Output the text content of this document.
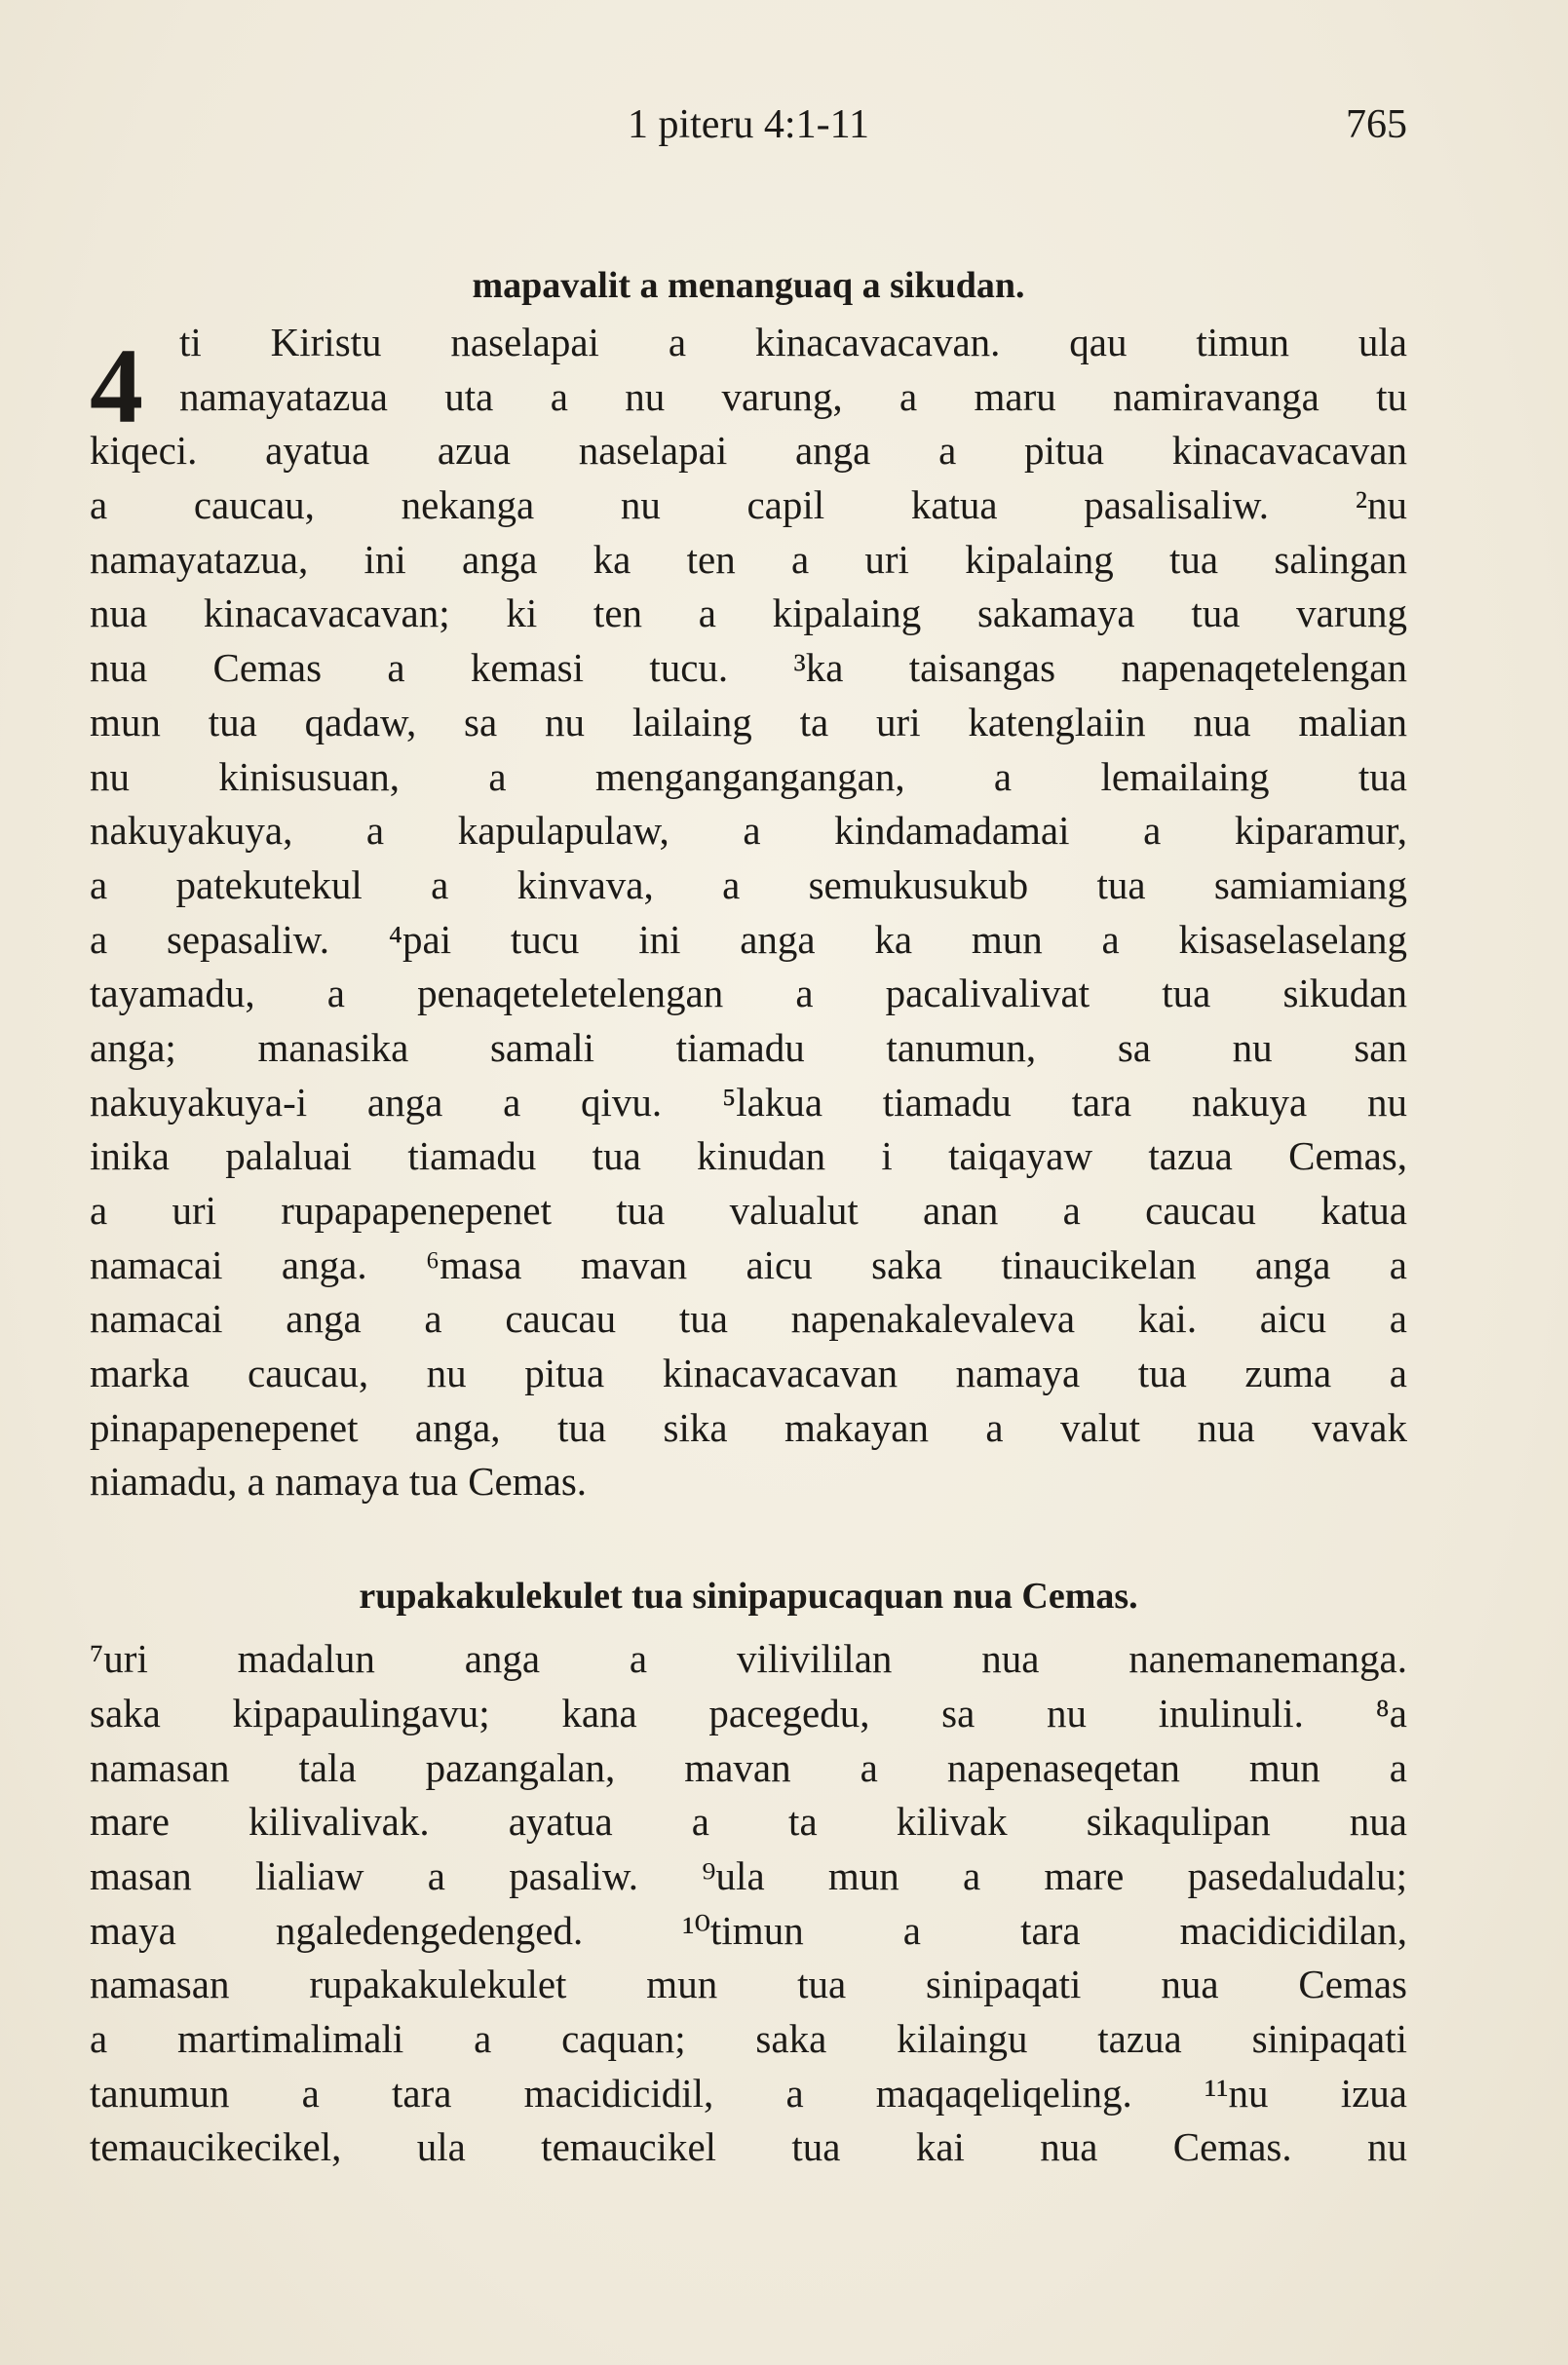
1 piteru 4:1-11	765
mapavalit a menanguaq a sikudan.
4 ti Kiristu naselapai a kinacavacavan. qau timun ula
namayatazua uta a nu varung, a maru namiravanga tu
kiqeci. ayatua azua naselapai anga a pitua kinacavacavan
a caucau, nekanga nu capil katua pasalisaliw. ²nu
namayatazua, ini anga ka ten a uri kipalaing tua salingan
nua kinacavacavan; ki ten a kipalaing sakamaya tua varung
nua Cemas a kemasi tucu. ³ka taisangas napenaqetelengan
mun tua qadaw, sa nu lailaing ta uri katenglaiin nua malian
nu kinisusuan, a mengangangangan, a lemailaing tua
nakuyakuya, a kapulapulaw, a kindamadamai a kiparamur,
a patekutekul a kinvava, a semukusukub tua samiamiang
a sepasaliw. ⁴pai tucu ini anga ka mun a kisaselaselang
tayamadu, a penaqeteletelengan a pacalivalivat tua sikudan
anga; manasika samali tiamadu tanumun, sa nu san
nakuyakuya-i anga a qivu. ⁵lakua tiamadu tara nakuya nu
inika palaluai tiamadu tua kinudan i taiqayaw tazua Cemas,
a uri rupapapenepenet tua valualut anan a caucau katua
namacai anga. ⁶masa mavan aicu saka tinaucikelan anga a
namacai anga a caucau tua napenakalevaleva kai. aicu a
marka caucau, nu pitua kinacavacavan namaya tua zuma a
pinapapenepenet anga, tua sika makayan a valut nua vavak
niamadu, a namaya tua Cemas.
rupakakulekulet tua sinipapucaquan nua Cemas.
⁷uri madalun anga a vilivililan nua nanemanemanga.
saka kipapaulingavu; kana pacegedu, sa nu inulinuli. ⁸a
namasan tala pazangalan, mavan a napenaseqetan mun a
mare kilivalivak. ayatua a ta kilivak sikaqulipan nua
masan lialiaw a pasaliw. ⁹ula mun a mare pasedaludalu;
maya ngaledengedenged. ¹⁰timun a tara macidicidilan,
namasan rupakakulekulet mun tua sinipaqati nua Cemas
a martimalimali a caquan; saka kilaingu tazua sinipaqati
tanumun a tara macidicidil, a maqaqeliqeling. ¹¹nu izua
temaucikecikel, ula temaucikel tua kai nua Cemas. nu
